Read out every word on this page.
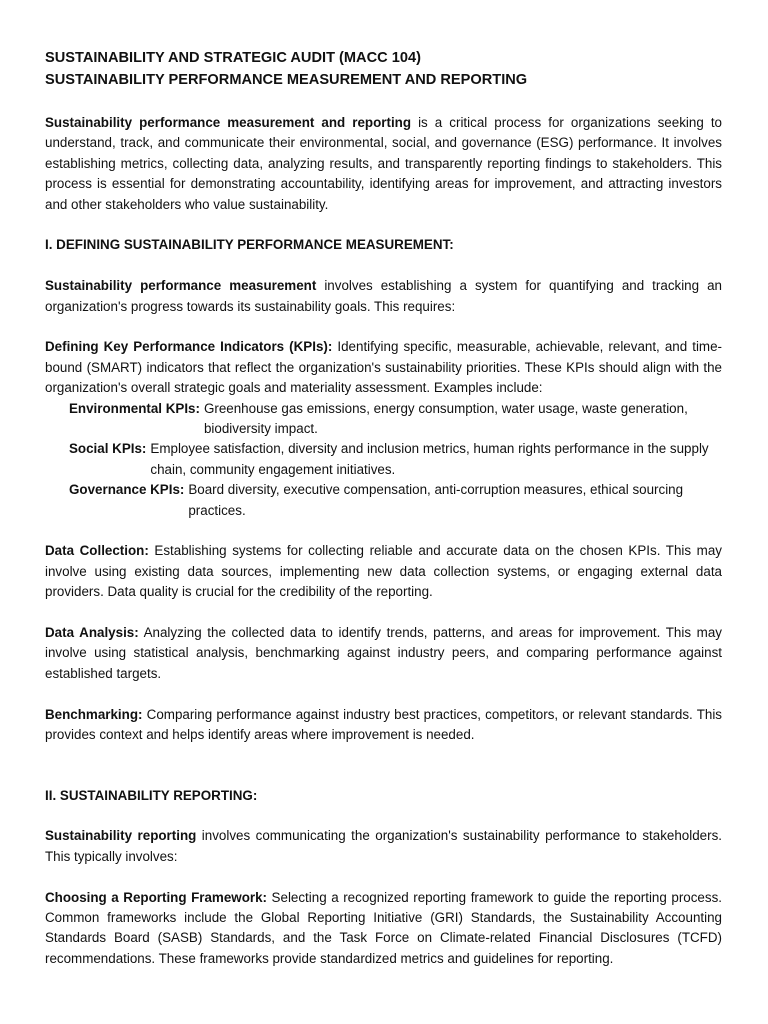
SUSTAINABILITY AND STRATEGIC AUDIT (MACC 104)
SUSTAINABILITY PERFORMANCE MEASUREMENT AND REPORTING

Sustainability performance measurement and reporting is a critical process for organizations seeking to understand, track, and communicate their environmental, social, and governance (ESG) performance. It involves establishing metrics, collecting data, analyzing results, and transparently reporting findings to stakeholders. This process is essential for demonstrating accountability, identifying areas for improvement, and attracting investors and other stakeholders who value sustainability.

I. DEFINING SUSTAINABILITY PERFORMANCE MEASUREMENT:

Sustainability performance measurement involves establishing a system for quantifying and tracking an organization's progress towards its sustainability goals. This requires:

Defining Key Performance Indicators (KPIs): Identifying specific, measurable, achievable, relevant, and time-bound (SMART) indicators that reflect the organization's sustainability priorities. These KPIs should align with the organization's overall strategic goals and materiality assessment. Examples include:

Environmental KPIs: Greenhouse gas emissions, energy consumption, water usage, waste generation, biodiversity impact.
Social KPIs: Employee satisfaction, diversity and inclusion metrics, human rights performance in the supply chain, community engagement initiatives.
Governance KPIs: Board diversity, executive compensation, anti-corruption measures, ethical sourcing practices.

Data Collection: Establishing systems for collecting reliable and accurate data on the chosen KPIs. This may involve using existing data sources, implementing new data collection systems, or engaging external data providers. Data quality is crucial for the credibility of the reporting.

Data Analysis: Analyzing the collected data to identify trends, patterns, and areas for improvement. This may involve using statistical analysis, benchmarking against industry peers, and comparing performance against established targets.

Benchmarking: Comparing performance against industry best practices, competitors, or relevant standards. This provides context and helps identify areas where improvement is needed.

II. SUSTAINABILITY REPORTING:

Sustainability reporting involves communicating the organization's sustainability performance to stakeholders. This typically involves:

Choosing a Reporting Framework: Selecting a recognized reporting framework to guide the reporting process. Common frameworks include the Global Reporting Initiative (GRI) Standards, the Sustainability Accounting Standards Board (SASB) Standards, and the Task Force on Climate-related Financial Disclosures (TCFD) recommendations. These frameworks provide standardized metrics and guidelines for reporting.
